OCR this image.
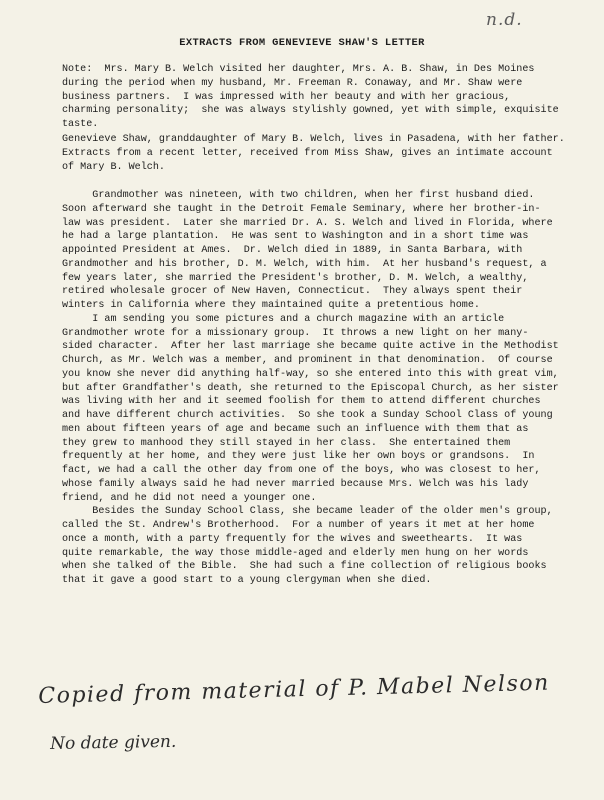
n.d.
EXTRACTS FROM GENEVIEVE SHAW'S LETTER
Note:  Mrs. Mary B. Welch visited her daughter, Mrs. A. B. Shaw, in Des Moines
during the period when my husband, Mr. Freeman R. Conaway, and Mr. Shaw were
business partners.  I was impressed with her beauty and with her gracious,
charming personality;  she was always stylishly gowned, yet with simple, exquisite
taste.
Genevieve Shaw, granddaughter of Mary B. Welch, lives in Pasadena, with her father.
Extracts from a recent letter, received from Miss Shaw, gives an intimate account
of Mary B. Welch.
Grandmother was nineteen, with two children, when her first husband died.
Soon afterward she taught in the Detroit Female Seminary, where her brother-in-
law was president.  Later she married Dr. A. S. Welch and lived in Florida, where
he had a large plantation.  He was sent to Washington and in a short time was
appointed President at Ames.  Dr. Welch died in 1889, in Santa Barbara, with
Grandmother and his brother, D. M. Welch, with him.  At her husband's request, a
few years later, she married the President's brother, D. M. Welch, a wealthy,
retired wholesale grocer of New Haven, Connecticut.  They always spent their
winters in California where they maintained quite a pretentious home.
I am sending you some pictures and a church magazine with an article
Grandmother wrote for a missionary group.  It throws a new light on her many-
sided character.  After her last marriage she became quite active in the Methodist
Church, as Mr. Welch was a member, and prominent in that denomination.  Of course
you know she never did anything half-way, so she entered into this with great vim,
but after Grandfather's death, she returned to the Episcopal Church, as her sister
was living with her and it seemed foolish for them to attend different churches
and have different church activities.  So she took a Sunday School Class of young
men about fifteen years of age and became such an influence with them that as
they grew to manhood they still stayed in her class.  She entertained them
frequently at her home, and they were just like her own boys or grandsons.  In
fact, we had a call the other day from one of the boys, who was closest to her,
whose family always said he had never married because Mrs. Welch was his lady
friend, and he did not need a younger one.
Besides the Sunday School Class, she became leader of the older men's group,
called the St. Andrew's Brotherhood.  For a number of years it met at her home
once a month, with a party frequently for the wives and sweethearts.  It was
quite remarkable, the way those middle-aged and elderly men hung on her words
when she talked of the Bible.  She had such a fine collection of religious books
that it gave a good start to a young clergyman when she died.
Copied from material of P. Mabel Nelson
No date given.
